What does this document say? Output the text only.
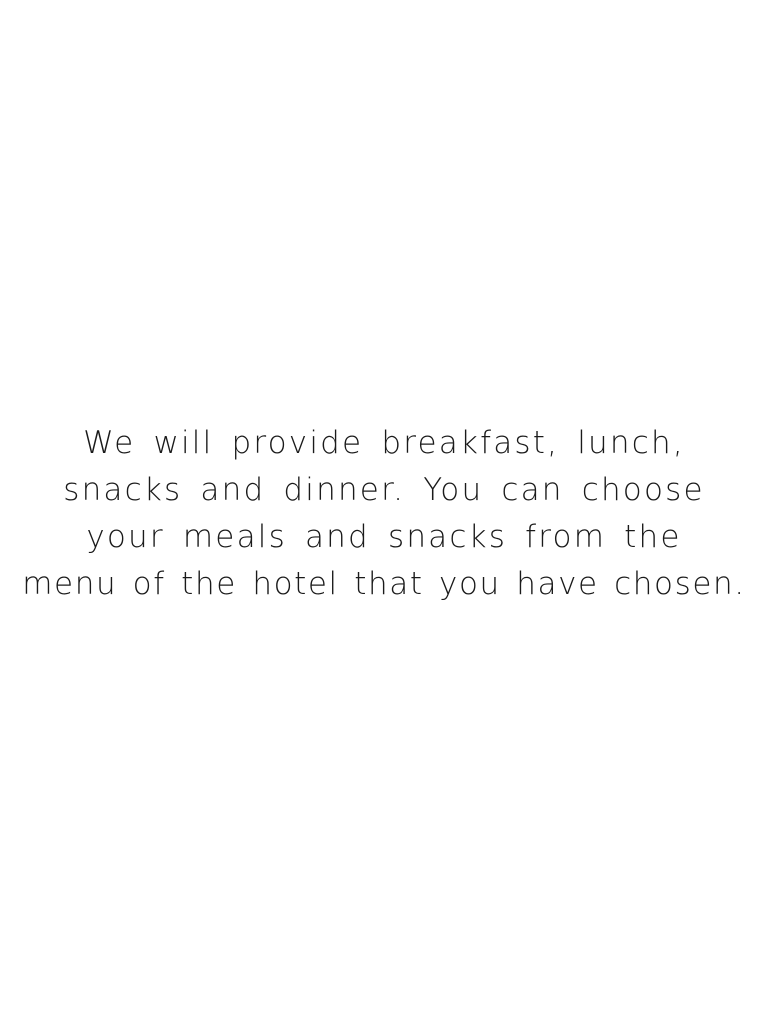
We will provide breakfast, lunch,
snacks and dinner. You can choose
your meals and snacks from the
menu of the hotel that you have chosen.
